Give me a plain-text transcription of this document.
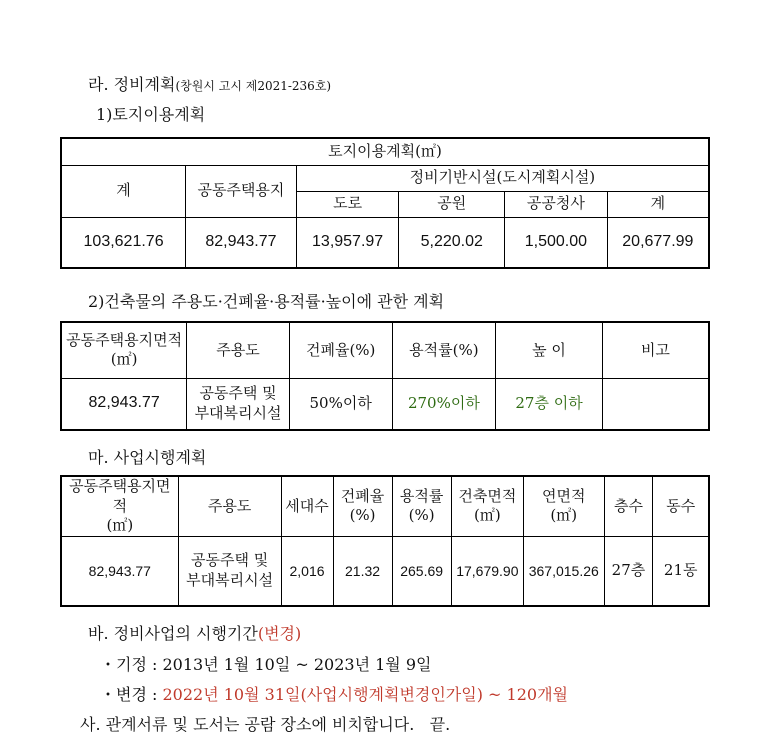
라. 정비계획(창원시 고시 제2021-236호)
1)토지이용계획
토지이용계획(㎡)					
계	공동주택용지	정비기반시설(도시계획시설)			
		도로	공원	공공청사	계
103,621.76	82,943.77	13,957.97	5,220.02	1,500.00	20,677.99
2)건축물의 주용도·건폐율·용적률·높이에 관한 계획
공동주택용지면적
(㎡)	주용도	건폐율(%)	용적률(%)	높 이	비고
82,943.77	공동주택 및
부대복리시설	50%이하	270%이하	27층 이하	
마. 사업시행계획
공동주택용지면적
(㎡)	주용도	세대수	건폐율
(%)	용적률
(%)	건축면적
(㎡)	연면적
(㎡)	층수	동수
82,943.77	공동주택 및
부대복리시설	2,016	21.32	265.69	17,679.90	367,015.26	27층	21동
바. 정비사업의 시행기간(변경)
・기정 : 2013년 1월 10일 ~ 2023년 1월 9일
・변경 : 2022년 10월 31일(사업시행계획변경인가일) ~ 120개월
사. 관계서류 및 도서는 공람 장소에 비치합니다. 끝.
